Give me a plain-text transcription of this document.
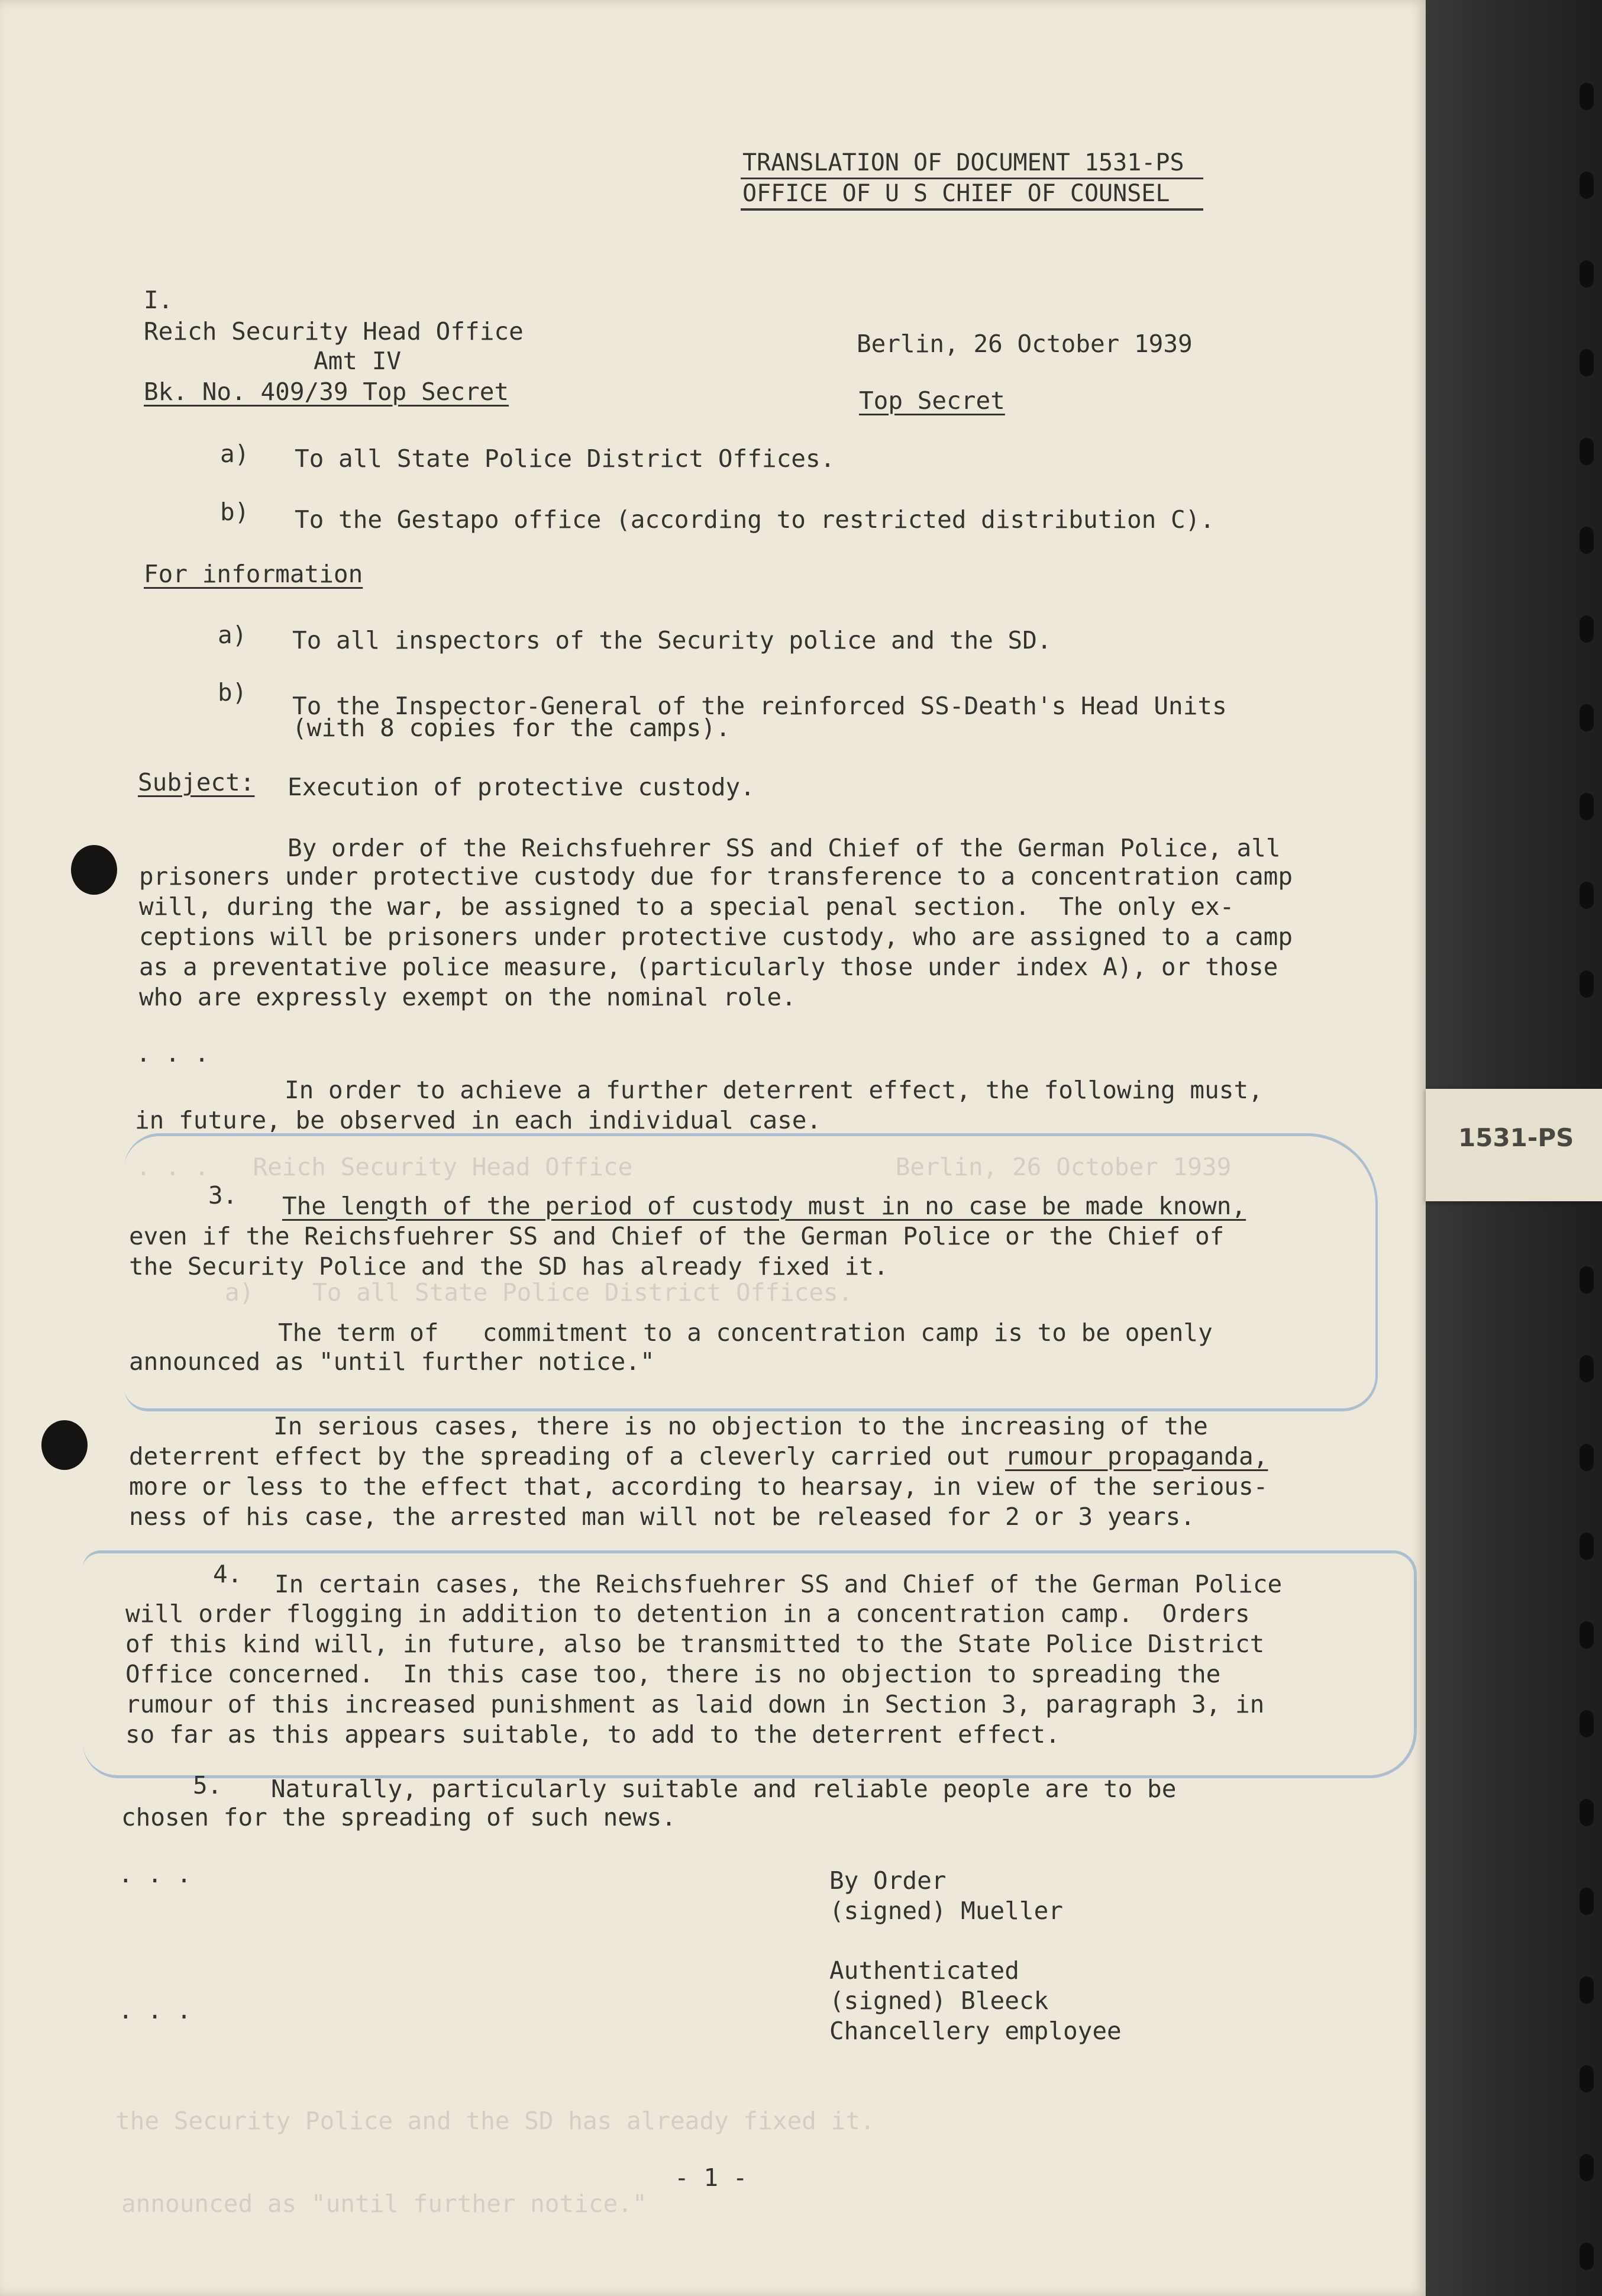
TRANSLATION OF DOCUMENT 1531-PS
OFFICE OF U S CHIEF OF COUNSEL
I.
Reich Security Head Office
Amt IV
Bk. No. 409/39 Top Secret
Berlin, 26 October 1939
Top Secret
a) To all State Police District Offices.
b) To the Gestapo office (according to restricted distribution C).
For information
a) To all inspectors of the Security police and the SD.
b) To the Inspector-General of the reinforced SS-Death's Head Units
(with 8 copies for the camps).
Subject: Execution of protective custody.
By order of the Reichsfuehrer SS and Chief of the German Police, all
prisoners under protective custody due for transference to a concentration camp
will, during the war, be assigned to a special penal section.  The only ex-
ceptions will be prisoners under protective custody, who are assigned to a camp
as a preventative police measure, (particularly those under index A), or those
who are expressly exempt on the nominal role.
. . .
In order to achieve a further deterrent effect, the following must,
in future, be observed in each individual case.
. . .   Reich Security Head Office                  Berlin, 26 October 1939
a)    To all State Police District Offices.
3. The length of the period of custody must in no case be made known,
even if the Reichsfuehrer SS and Chief of the German Police or the Chief of
the Security Police and the SD has already fixed it.
The term of   commitment to a concentration camp is to be openly
announced as "until further notice."
In serious cases, there is no objection to the increasing of the
deterrent effect by the spreading of a cleverly carried out rumour propaganda,
more or less to the effect that, according to hearsay, in view of the serious-
ness of his case, the arrested man will not be released for 2 or 3 years.
4. In certain cases, the Reichsfuehrer SS and Chief of the German Police
will order flogging in addition to detention in a concentration camp.  Orders
of this kind will, in future, also be transmitted to the State Police District
Office concerned.  In this case too, there is no objection to spreading the
rumour of this increased punishment as laid down in Section 3, paragraph 3, in
so far as this appears suitable, to add to the deterrent effect.
5. Naturally, particularly suitable and reliable people are to be
chosen for the spreading of such news.
. . .	By Order
(signed) Mueller
. . .
Authenticated
(signed) Bleeck
Chancellery employee
the Security Police and the SD has already fixed it.
announced as "until further notice."
- 1 -
1531-PS
